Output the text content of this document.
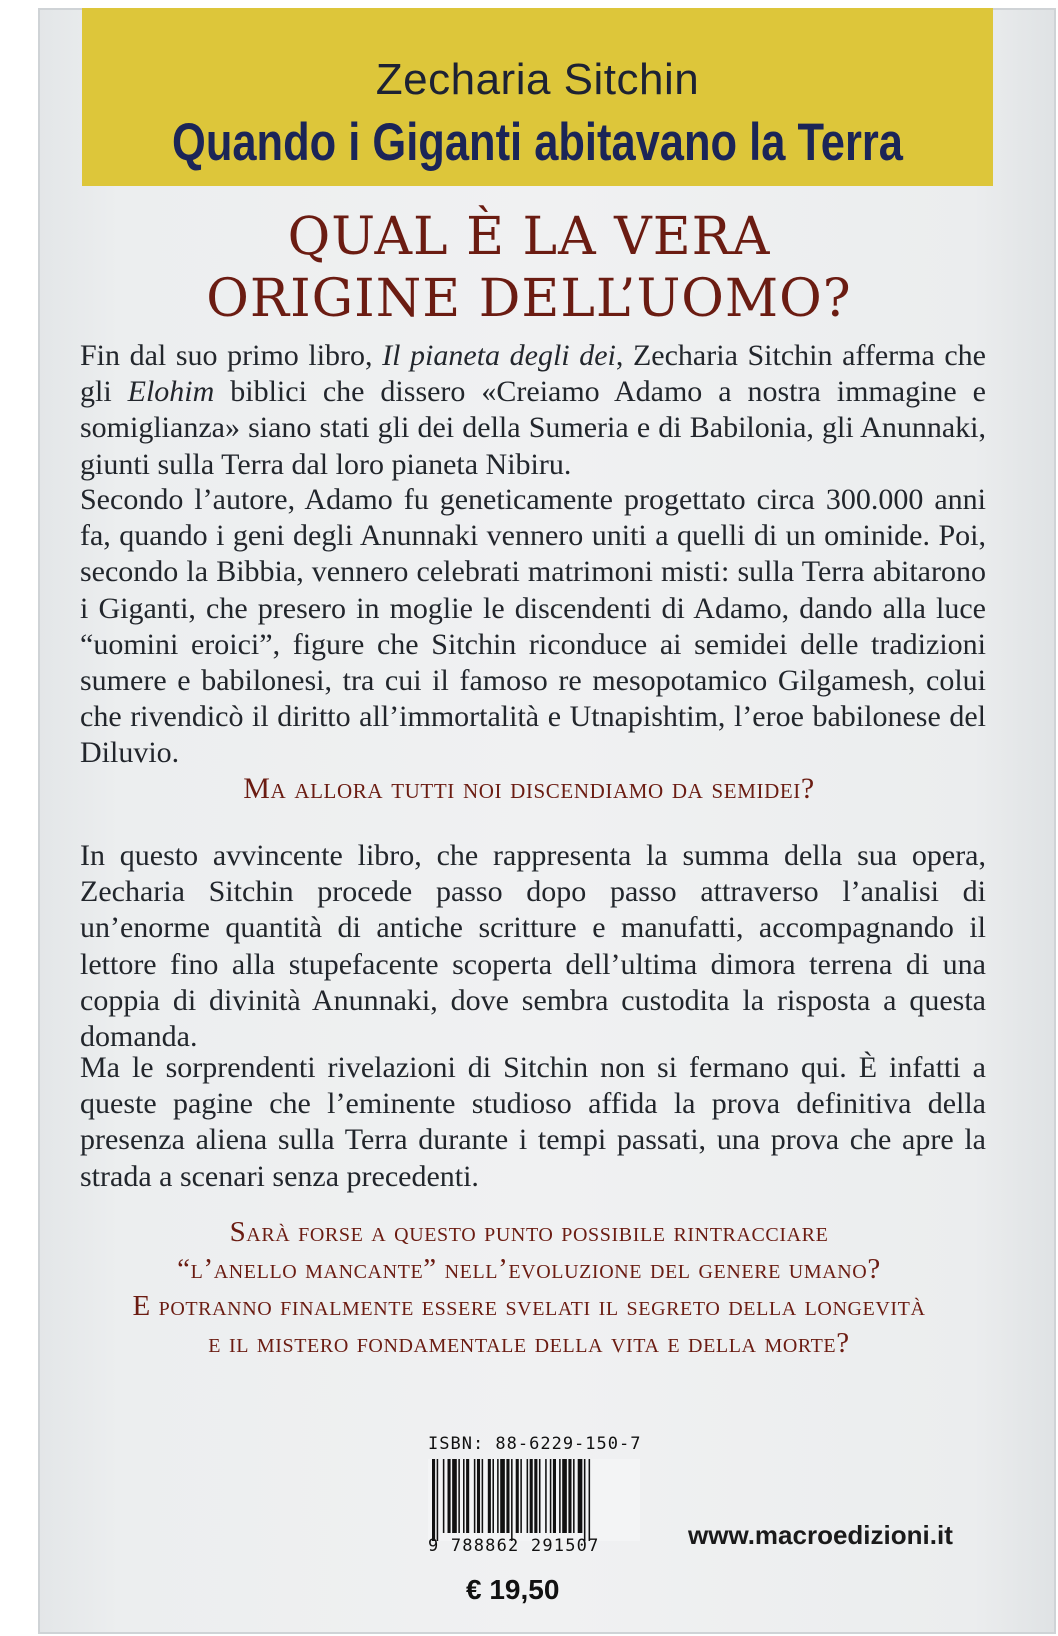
Zecharia Sitchin
Quando i Giganti abitavano la Terra
QUAL È LA VERA
ORIGINE DELL’UOMO?

Fin dal suo primo libro, Il pianeta degli dei, Zecharia Sitchin afferma che gli Elohim biblici che dissero «Creiamo Adamo a nostra immagine e somiglianza» siano stati gli dei della Sumeria e di Babilonia, gli Anunnaki, giunti sulla Terra dal loro pianeta Nibiru.

Secondo l’autore, Adamo fu geneticamente progettato circa 300.000 anni fa, quando i geni degli Anunnaki vennero uniti a quelli di un ominide. Poi, secondo la Bibbia, vennero celebrati matrimoni misti: sulla Terra abitarono i Giganti, che presero in moglie le discendenti di Adamo, dando alla luce “uomini eroici”, figure che Sitchin riconduce ai semidei delle tradizioni sumere e babilonesi, tra cui il famoso re mesopotamico Gilgamesh, colui che rivendicò il diritto all’immortalità e Utnapishtim, l’eroe babilonese del Diluvio.

Ma allora tutti noi discendiamo da semidei?

In questo avvincente libro, che rappresenta la summa della sua opera, Zecharia Sitchin procede passo dopo passo attraverso l’analisi di un’enorme quantità di antiche scritture e manufatti, accompagnando il lettore fino alla stupefacente scoperta dell’ultima dimora terrena di una coppia di divinità Anunnaki, dove sembra custodita la risposta a questa domanda.

Ma le sorprendenti rivelazioni di Sitchin non si fermano qui. È infatti a queste pagine che l’eminente studioso affida la prova definitiva della presenza aliena sulla Terra durante i tempi passati, una prova che apre la strada a scenari senza precedenti.

Sarà forse a questo punto possibile rintracciare
“l’anello mancante” nell’evoluzione del genere umano?
E potranno finalmente essere svelati il segreto della longevità
e il mistero fondamentale della vita e della morte?
ISBN: 88-6229-150-7
9 788862 291507	www.macroedizioni.it
€ 19,50
